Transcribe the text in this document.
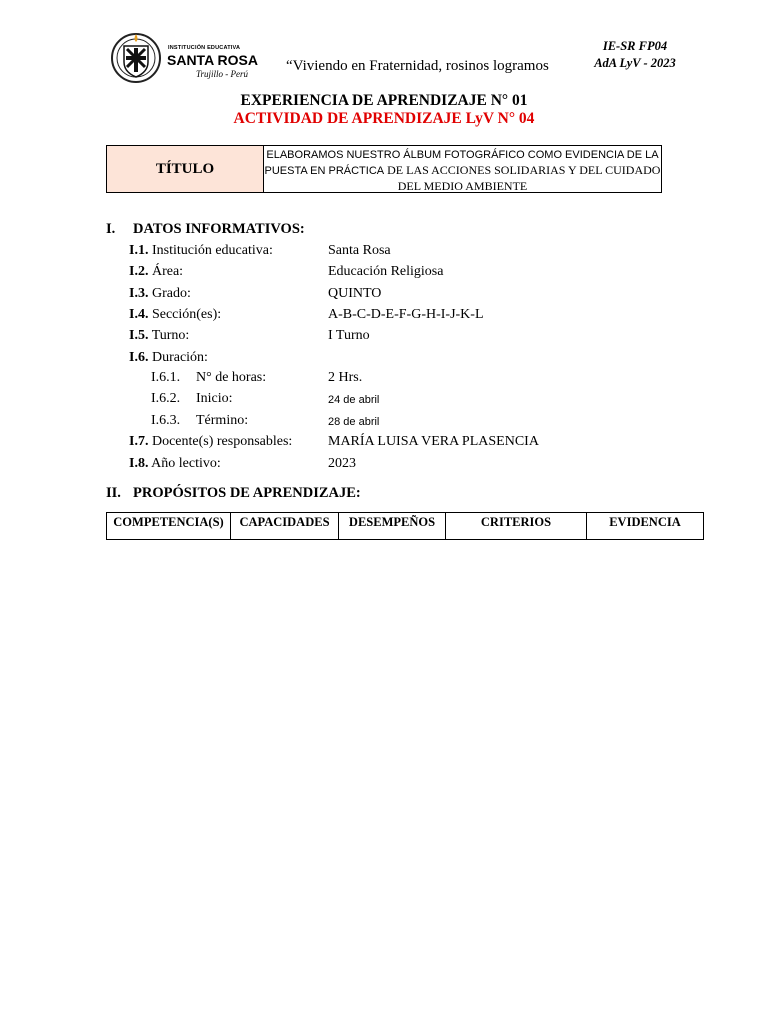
INSTITUCIÓN EDUCATIVA
SANTA ROSA
Trujillo - Perú	“Viviendo en Fraternidad, rosinos logramos
IE-SR FP04
AdA LyV - 2023
EXPERIENCIA DE APRENDIZAJE N° 01
ACTIVIDAD DE APRENDIZAJE LyV N° 04
TÍTULO
ELABORAMOS NUESTRO ÁLBUM FOTOGRÁFICO COMO EVIDENCIA DE LA PUESTA EN PRÁCTICA DE LAS ACCIONES SOLIDARIAS Y DEL CUIDADO DEL MEDIO AMBIENTE
I. DATOS INFORMATIVOS:
I.1. Institución educativa:	Santa Rosa
I.2. Área:	Educación Religiosa
I.3. Grado:	QUINTO
I.4. Sección(es):	A-B-C-D-E-F-G-H-I-J-K-L
I.5. Turno:	I Turno
I.6. Duración:
I.7. Docente(s) responsables:	MARÍA LUISA VERA PLASENCIA
I.8. Año lectivo:	2023
I.6.1. N° de horas:	2 Hrs.
I.6.2. Inicio:	24 de abril
I.6.3. Término:	28 de abril
II. PROPÓSITOS DE APRENDIZAJE:
COMPETENCIA(S)	CAPACIDADES	DESEMPEÑOS	CRITERIOS	EVIDENCIA
